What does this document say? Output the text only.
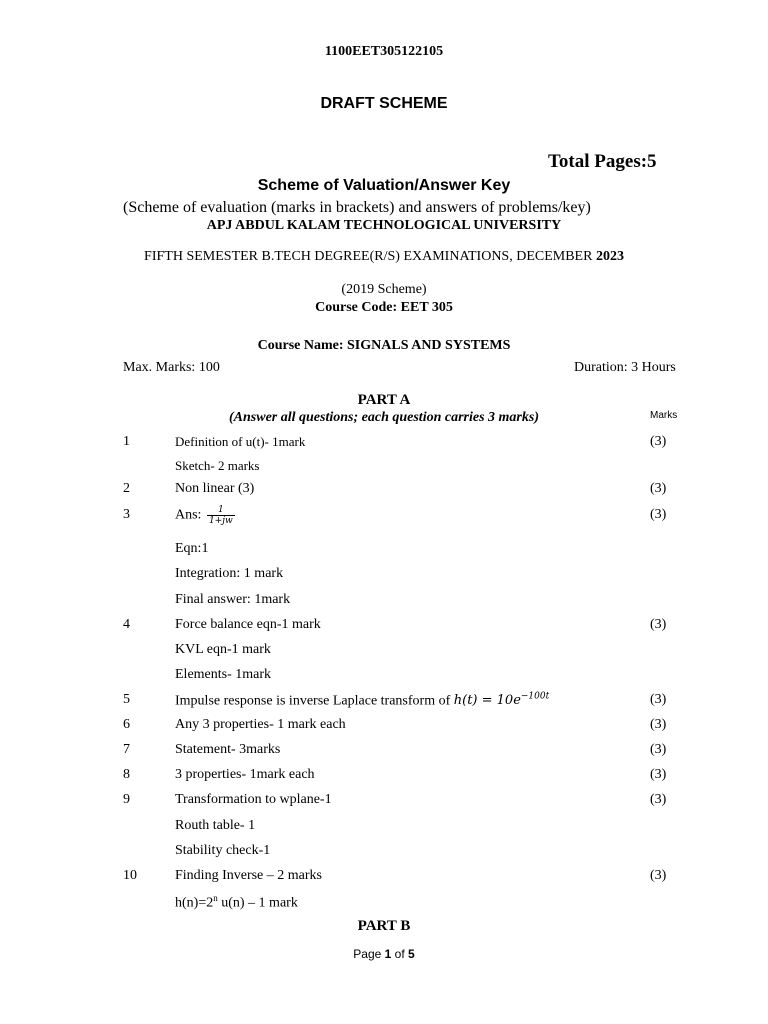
1100EET305122105
DRAFT SCHEME
Total Pages:5
Scheme of Valuation/Answer Key
(Scheme of evaluation (marks in brackets) and answers of problems/key)
APJ ABDUL KALAM TECHNOLOGICAL UNIVERSITY
FIFTH SEMESTER B.TECH DEGREE(R/S) EXAMINATIONS, DECEMBER 2023
(2019 Scheme)
Course Code: EET 305
Course Name: SIGNALS AND SYSTEMS
Max. Marks: 100	Duration: 3 Hours
PART A
(Answer all questions; each question carries 3 marks)	Marks
1	Definition of u(t)- 1mark	(3)
Sketch- 2 marks
2	Non linear (3)	(3)
3	Ans: $\frac{1}{1+jw}$	(3)
Eqn:1
Integration: 1 mark
Final answer: 1mark
4	Force balance eqn-1 mark	(3)
KVL eqn-1 mark
Elements- 1mark
5	Impulse response is inverse Laplace transform of $h(t) = 10e^{-100t}$	(3)
6	Any 3 properties- 1 mark each	(3)
7	Statement- 3marks	(3)
8	3 properties- 1mark each	(3)
9	Transformation to wplane-1	(3)
Routh table- 1
Stability check-1
10	Finding Inverse – 2 marks	(3)
$h(n)=2^n$ u(n) – 1 mark
PART B
Page 1 of 5
